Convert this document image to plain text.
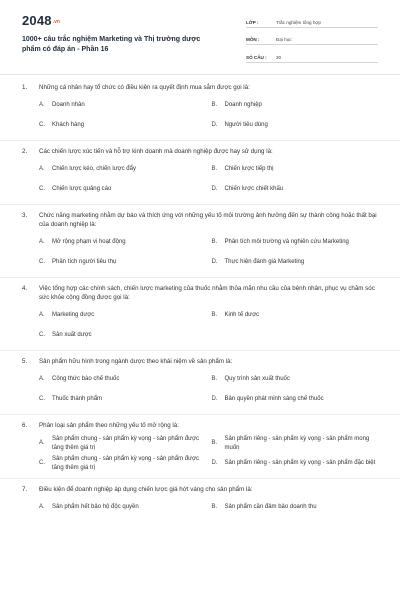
2048.vn
1000+ câu trắc nghiệm Marketing và Thị trường dược phẩm có đáp án - Phần 16
LỚP :	Trắc nghiệm tổng hợp
MÔN :	Đại học
SỐ CÂU :	30
1.	Những cá nhân hay tổ chức có điều kiện ra quyết định mua sắm được gọi là:
A.	Doanh nhân	B.	Doanh nghiệp
C.	Khách hàng	D.	Người tiêu dùng
2.	Các chiến lược xúc tiến và hỗ trợ kinh doanh mà doanh nghiệp được hay sử dụng là:
A.	Chiến lược kéo, chiến lược đẩy	B.	Chiến lược tiếp thị
C.	Chiến lược quảng cáo	D.	Chiến lược chiết khấu
3.	Chức năng marketing nhằm dự báo và thích ứng với những yếu tố môi trường ảnh hưởng đến sự thành công hoặc thất bại của doanh nghiệp là:
A.	Mở rộng phạm vi hoạt động	B.	Phân tích môi trường và nghiên cứu Marketing
C.	Phân tích người tiêu thụ	D.	Thực hiện đánh giá Marketing
4.	Việc tổng hợp các chính sách, chiến lược marketing của thuốc nhằm thỏa mãn nhu cầu của bệnh nhân, phục vụ chăm sóc sức khỏe cộng đồng được gọi là:
A.	Marketing dược	B.	Kinh tế dược
C.	Sản xuất dược
5.	Sản phẩm hữu hình trong ngành dược theo khái niệm về sản phẩm là:
A.	Công thức bào chế thuốc	B.	Quy trình sản xuất thuốc
C.	Thuốc thành phẩm	D.	Bản quyền phát minh sáng chế thuốc
6.	Phân loại sản phẩm theo những yếu tố mở rộng là:
A.
Sản phẩm chung - sản phẩm kỳ vọng - sản phẩm được tăng thêm giá trị
B.
Sản phẩm riêng - sản phẩm kỳ vọng - sản phẩm mong muốn
C.
Sản phẩm chung - sản phẩm kỳ vọng - sản phẩm được tăng thêm giá trị
D.	Sản phẩm riêng - sản phẩm kỳ vọng - sản phẩm đặc biệt
7.	Điều kiện để doanh nghiệp áp dụng chiến lược giá hớt váng cho sản phẩm là:
A.	Sản phẩm hết bảo hộ độc quyền	B.	Sản phẩm cần đảm bảo doanh thu
